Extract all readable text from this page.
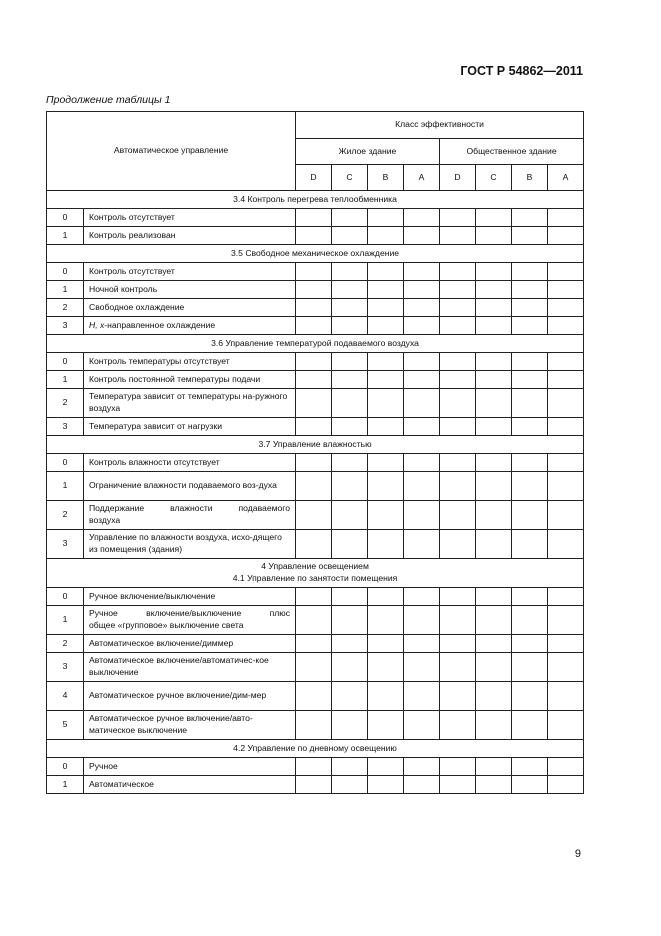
ГОСТ Р 54862—2011
Продолжение таблицы 1
Автоматическое управление		Класс эффективности							
		Жилое здание				Общественное здание			
		D	C	B	A	D	C	B	A
3.4 Контроль перегрева теплообменника									
0	Контроль отсутствует								
1	Контроль реализован								
3.5 Свободное механическое охлаждение									
0	Контроль отсутствует								
1	Ночной контроль								
2	Свободное охлаждение								
3	H, x-направленное охлаждение								
3.6 Управление температурой подаваемого воздуха									
0	Контроль температуры отсутствует								
1	Контроль постоянной температуры подачи								
2	Температура зависит от температуры на-ружного воздуха								
3	Температура зависит от нагрузки								
3.7 Управление влажностью									
0	Контроль влажности отсутствует								
1	Ограничение влажности подаваемого воз-духа								
2	Поддержание влажности подаваемого
воздуха								

3	Управление по влажности воздуха, исхо-дящего из помещения (здания)								

4 Управление освещением
4.1 Управление по занятости помещения									

0	Ручное включение/выключение								
1	Ручное включение/выключение плюс
общее «групповое» выключение света								

2	Автоматическое включение/диммер								
3	Автоматическое включение/автоматичес-кое выключение								
4	Автоматическое ручное включение/дим-мер								
5	Автоматическое ручное включение/авто-матическое выключение								
4.2 Управление по дневному освещению									
0	Ручное								
1	Автоматическое								
9
